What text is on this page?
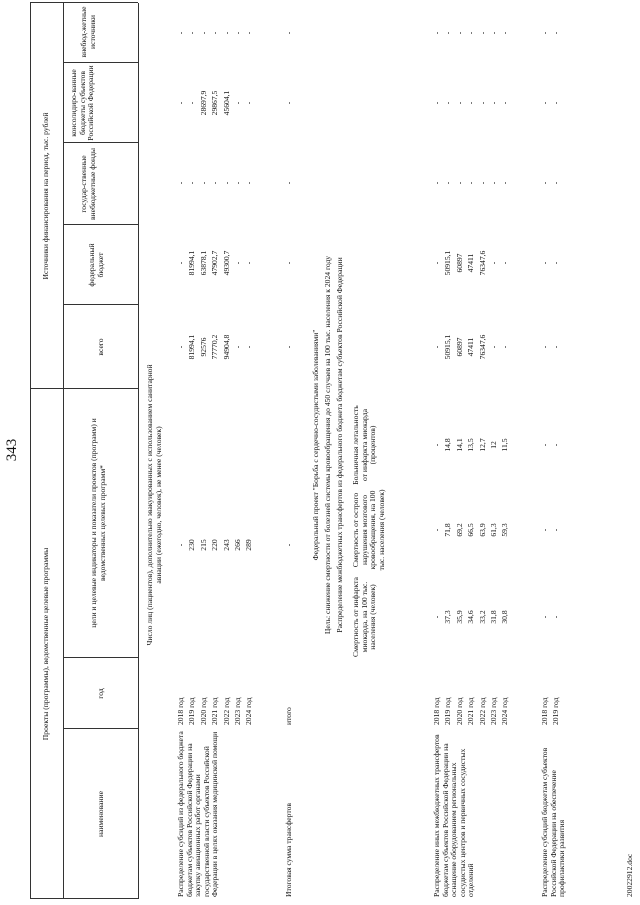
343
Проекты (программы), ведомственные целевые программы
наименование
год
цели и целевые индикаторы и показатели проектов (программ) и ведомственных целевых программ*
Источники финансирования на период, тыс. рублей
всего
федеральный бюджет
государ-ственные внебюджетные фонды
консолидиро-ванные бюджеты субъектов Российской Федерации
внебюд-жетные источники
Число лиц (пациентов), дополнительно эвакуированных с использованием санитарной авиации (ежегодно, человек), не менее (человек)
Распределение субсидий из федерального бюджета бюджетам субъектов Российской Федерации на закупку авиационных работ органами государственной власти субъектов Российской Федерации в целях оказания медицинской помощи
2018 год
-
-
-
-
-
-
2019 год
230
81994,1
81994,1
-
-
-
2020 год
215
92576
63878,1
-
28697,9
-
2021 год
220
77770,2
47902,7
-
29867,5
-
2022 год
243
94904,8
49300,7
-
45604,1
-
2023 год
266
-
-
-
-
-
2024 год
289
-
-
-
-
-
-
-
-
-
-
-
Итоговая сумма трансфертов
итого
Федеральный проект "Борьба с сердечно-сосудистыми заболеваниями" Цель: снижение смертности от болезней системы кровообращения до 450 случаев на 100 тыс. населения к 2024 году Распределение межбюджетных трансфертов из федерального бюджета бюджетам субъектов Российской Федерации Смертность от инфаркта миокарда, на 100 тыс. населения (человек)
Смертность от острого нарушения мозгового кровообращения, на 100 тыс. населения (человек)
Больничная летальность от инфаркта миокарда (процентов)
Распределение иных межбюджетных трансфертов бюджетам субъектов Российской Федерации на оснащение оборудованием региональных сосудистых центров и первичных сосудистых отделений
2018 год
-
-
-
-
-
-
-
-
2019 год
37,3
71,8
14,8
50915,1
50915,1
-
-
-
2020 год
35,9
69,2
14,1
60897
60897
-
-
-
2021 год
34,6
66,5
13,5
47411
47411
-
-
-
2022 год
33,2
63,9
12,7
76347,6
76347,6
-
-
-
2023 год
31,8
61,3
12
-
-
-
-
-
2024 год
30,8
59,3
11,5
-
-
-
-
-
Распределение субсидий бюджетам субъектов Российской Федерации на обеспечение профилактики развития
2018 год
-
-
-
-
-
-
-
-
2019 год
-
-
-
-
-
-
-
-
20022912.doc
